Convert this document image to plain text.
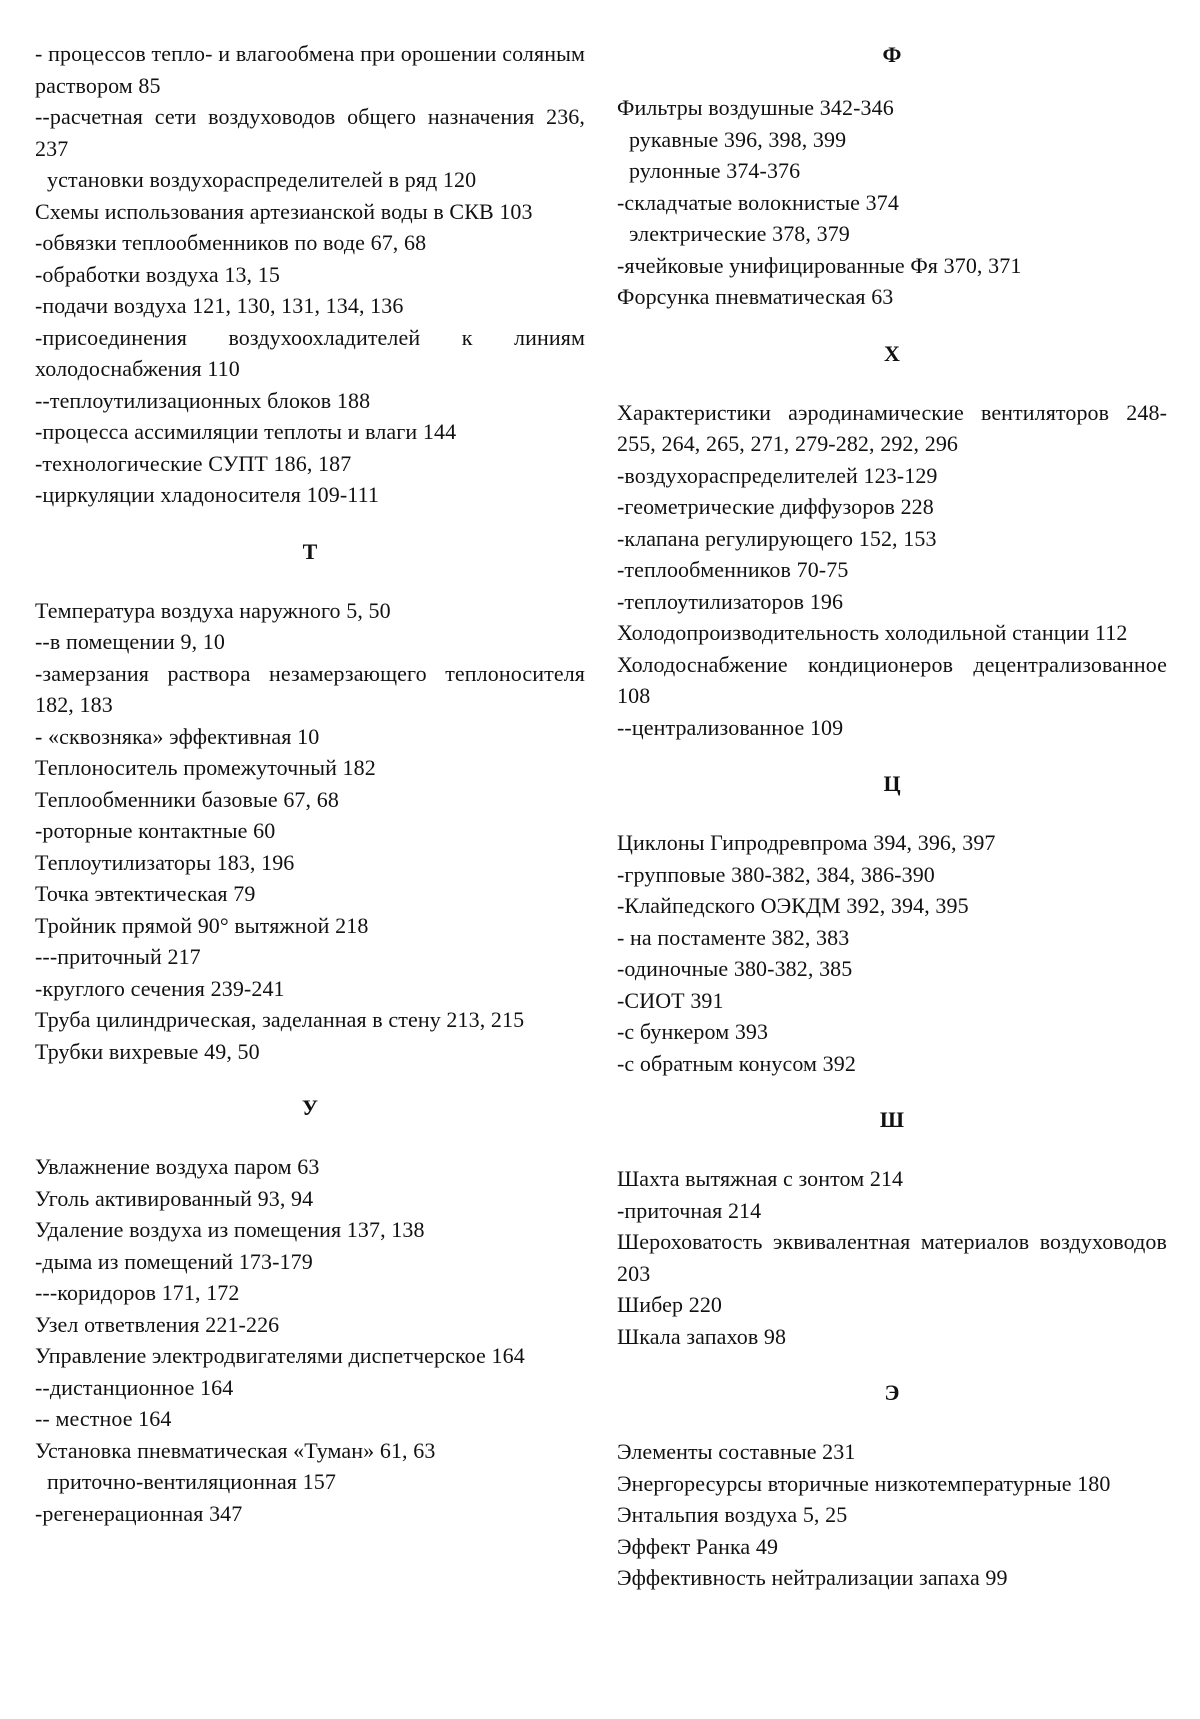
- процессов тепло- и влагообмена при орошении соляным раствором 85

--расчетная сети воздуховодов общего назначения 236, 237

установки воздухораспределителей в ряд 120

Схемы использования артезианской воды в СКВ 103

-обвязки теплообменников по воде 67, 68

-обработки воздуха 13, 15

-подачи воздуха 121, 130, 131, 134, 136

-присоединения воздухоохладителей к линиям холодоснабжения 110

--теплоутилизационных блоков 188

-процесса ассимиляции теплоты и влаги 144

-технологические СУПТ 186, 187

-циркуляции хладоносителя 109-111

Т

Температура воздуха наружного 5, 50

--в помещении 9, 10

-замерзания раствора незамерзающего теплоносителя 182, 183

- «сквозняка» эффективная 10

Теплоноситель промежуточный 182

Теплообменники базовые 67, 68

-роторные контактные 60

Теплоутилизаторы 183, 196

Точка эвтектическая 79

Тройник прямой 90° вытяжной 218

---приточный 217

-круглого сечения 239-241

Труба цилиндрическая, заделанная в стену 213, 215

Трубки вихревые 49, 50

У

Увлажнение воздуха паром 63

Уголь активированный 93, 94

Удаление воздуха из помещения 137, 138

-дыма из помещений 173-179

---коридоров 171, 172

Узел ответвления 221-226

Управление электродвигателями диспетчерское 164

--дистанционное 164

-- местное 164

Установка пневматическая «Туман» 61, 63

приточно-вентиляционная 157

-регенерационная 347

Ф

Фильтры воздушные 342-346

рукавные 396, 398, 399

рулонные 374-376

-складчатые волокнистые 374

электрические 378, 379

-ячейковые унифицированные Фя 370, 371

Форсунка пневматическая 63

Х

Характеристики аэродинамические вентиляторов 248-255, 264, 265, 271, 279-282, 292, 296

-воздухораспределителей 123-129

-геометрические диффузоров 228

-клапана регулирующего 152, 153

-теплообменников 70-75

-теплоутилизаторов 196

Холодопроизводительность холодильной станции 112

Холодоснабжение кондиционеров децентрализованное 108

--централизованное 109

Ц

Циклоны Гипродревпрома 394, 396, 397

-групповые 380-382, 384, 386-390

-Клайпедского ОЭКДМ 392, 394, 395

- на постаменте 382, 383

-одиночные 380-382, 385

-СИОТ 391

-с бункером 393

-с обратным конусом 392

Ш

Шахта вытяжная с зонтом 214

-приточная 214

Шероховатость эквивалентная материалов воздуховодов 203

Шибер 220

Шкала запахов 98

Э

Элементы составные 231

Энергоресурсы вторичные низкотемпературные 180

Энтальпия воздуха 5, 25

Эффект Ранка 49

Эффективность нейтрализации запаха 99
